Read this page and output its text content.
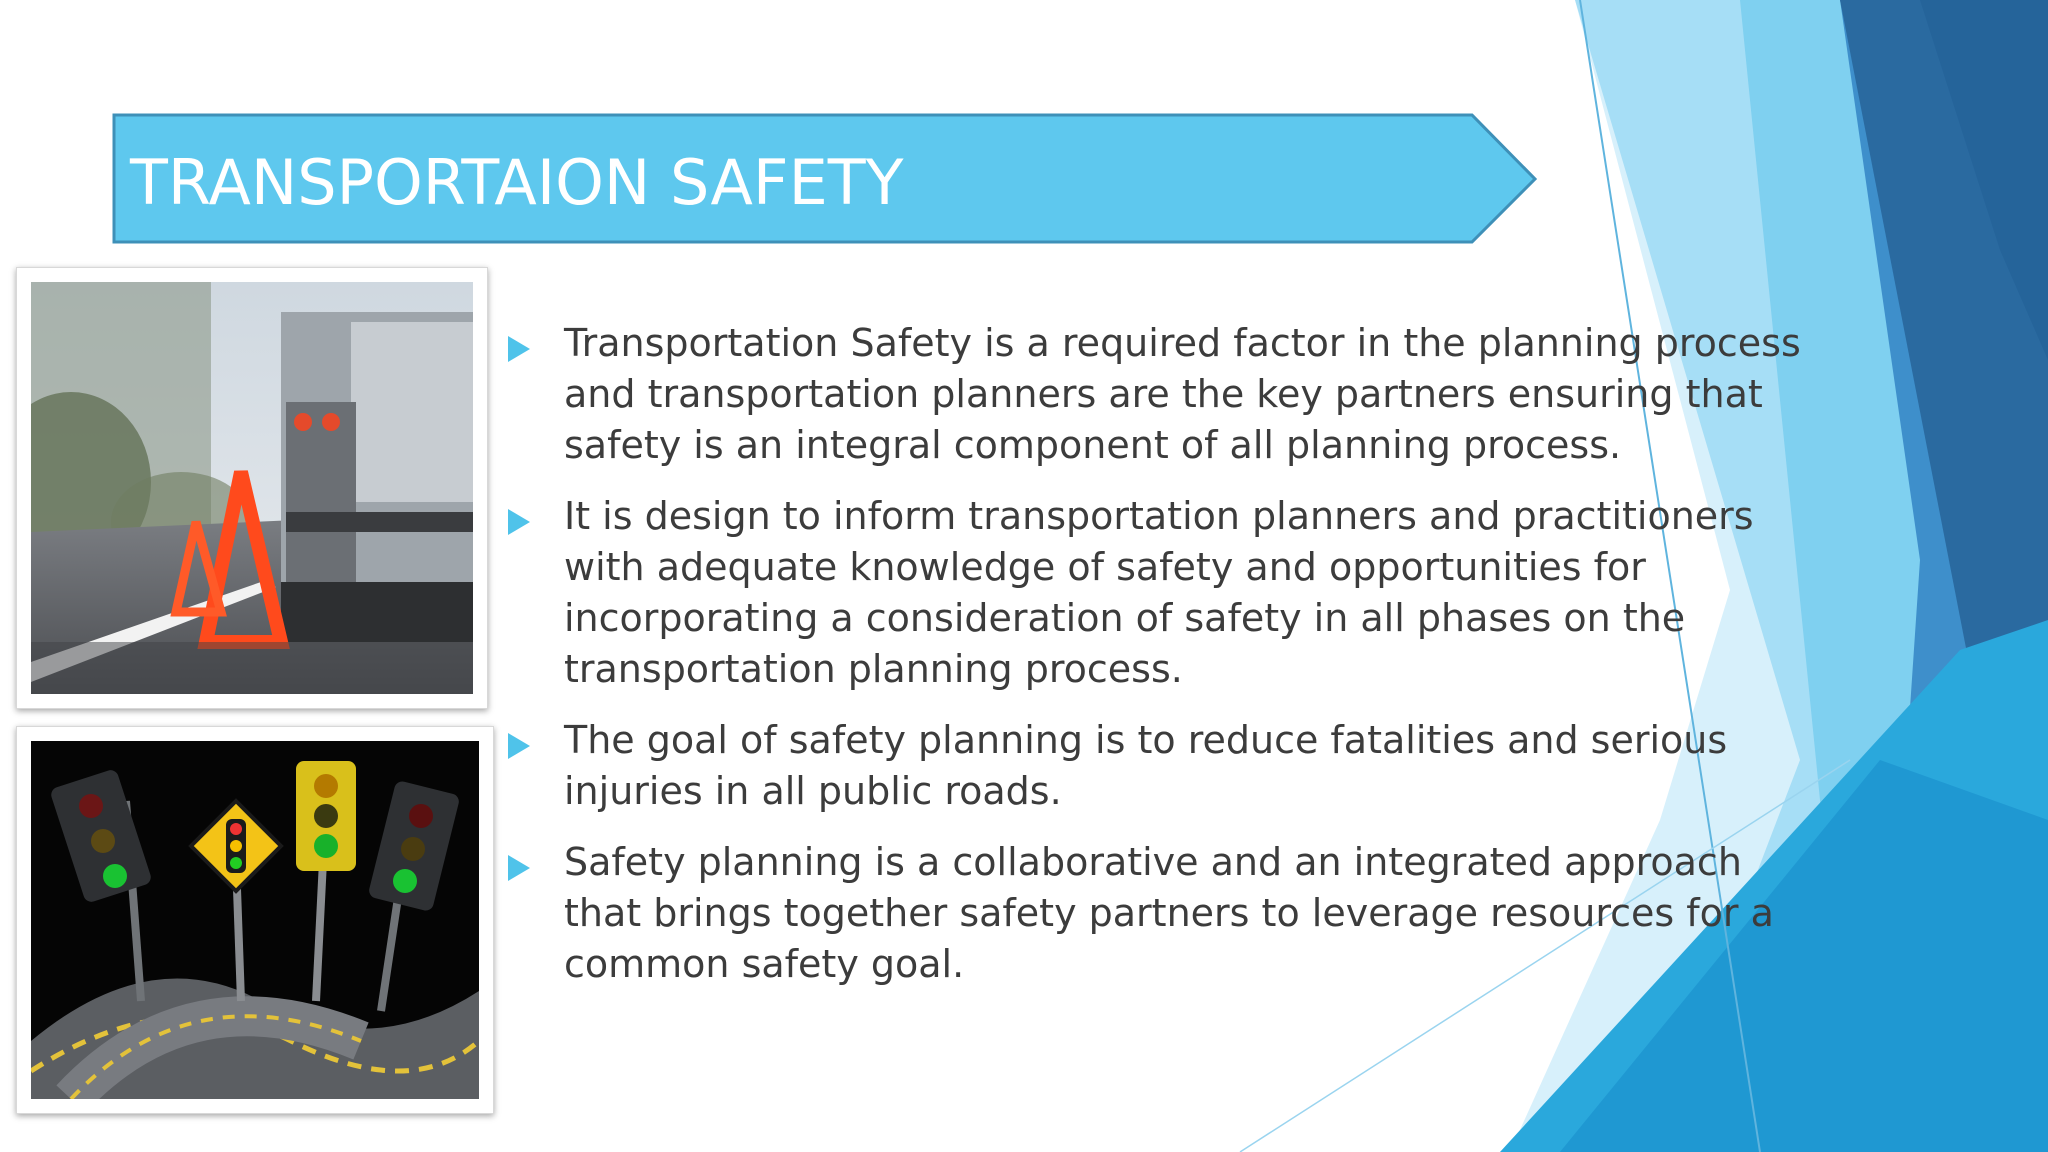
TRANSPORTAION SAFETY
Transportation Safety is a required factor in the planning process and transportation planners are the key partners ensuring that safety is an integral component of all planning process.
It is design to inform transportation planners and practitioners with adequate knowledge of safety and opportunities for incorporating a consideration of safety in all phases on the transportation planning process.
The goal of safety planning is to reduce fatalities and serious injuries in all public roads.
Safety planning is a collaborative and an integrated approach that brings together safety partners to leverage resources for a common safety goal.
